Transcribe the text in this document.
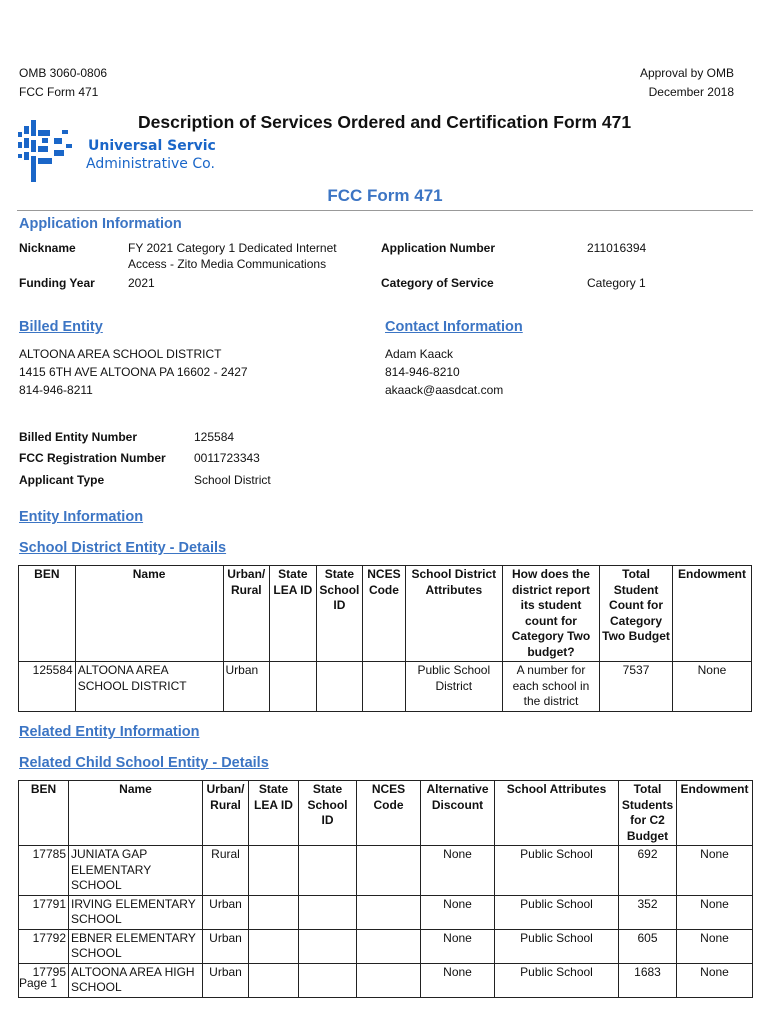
OMB 3060-0806
FCC Form 471
Approval by OMB
December 2018
Universal Service
Administrative Co.
Description of Services Ordered and Certification Form 471
FCC Form 471
Application Information
Nickname	FY 2021 Category 1 Dedicated Internet Access - Zito Media Communications
Funding Year	2021
Application Number	211016394
Category of Service	Category 1
Billed Entity
ALTOONA AREA SCHOOL DISTRICT
1415 6TH AVE ALTOONA PA 16602 - 2427
814-946-8211
Contact Information
Adam Kaack
814-946-8210
akaack@aasdcat.com
Billed Entity Number	125584
FCC Registration Number 0011723343
Applicant Type	School District
Entity Information
School District Entity - Details
BEN	Name	Urban/ Rural	State LEA ID	State School ID	NCES Code	School District Attributes	How does the district report its student count for Category Two budget?	Total Student Count for Category Two Budget	Endowment
125584	ALTOONA AREA SCHOOL DISTRICT	Urban				Public School District	A number for each school in the district	7537	None
Related Entity Information
Related Child School Entity - Details
BEN	Name	Urban/ Rural	State LEA ID	State School ID	NCES Code	Alternative Discount	School Attributes	Total Students for C2 Budget	Endowment
17785	JUNIATA GAP ELEMENTARY SCHOOL	Rural				None	Public School	692	None
17791	IRVING ELEMENTARY SCHOOL	Urban				None	Public School	352	None
17792	EBNER ELEMENTARY SCHOOL	Urban				None	Public School	605	None
17795	ALTOONA AREA HIGH SCHOOL	Urban				None	Public School	1683	None
Page 1
